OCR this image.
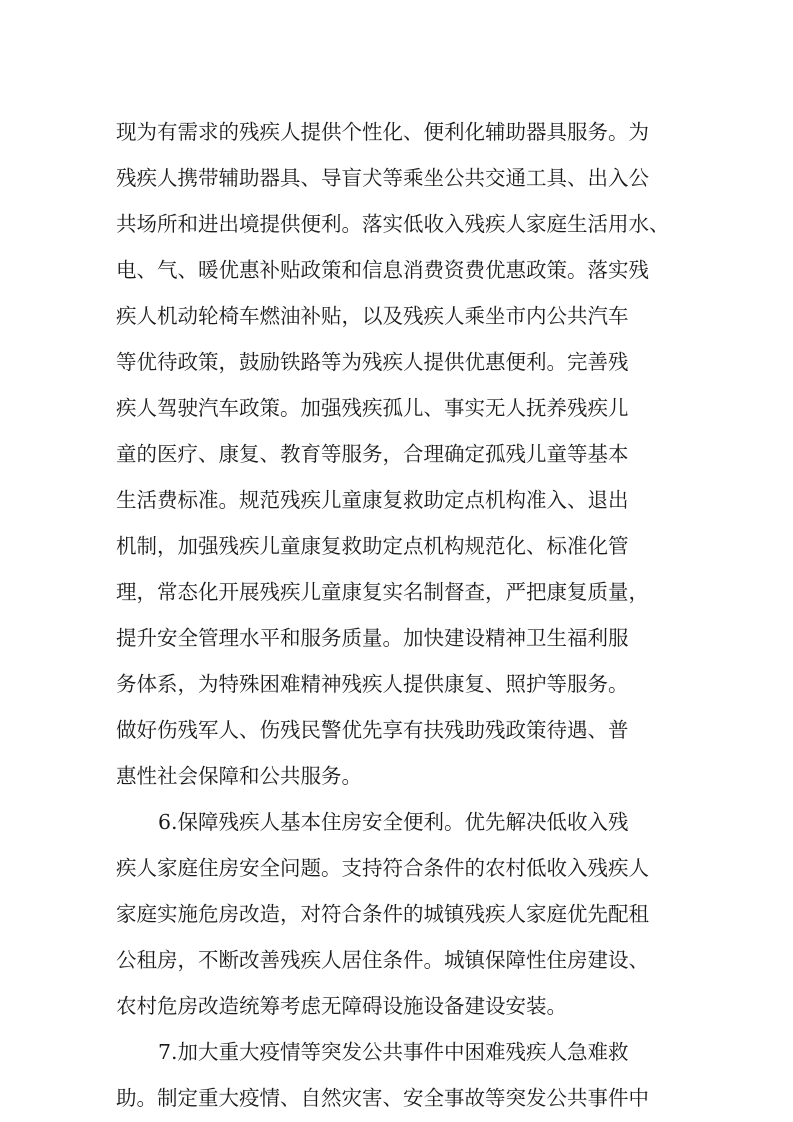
现为有需求的残疾人提供个性化、便利化辅助器具服务。为
残疾人携带辅助器具、导盲犬等乘坐公共交通工具、出入公
共场所和进出境提供便利。落实低收入残疾人家庭生活用水、
电、气、暖优惠补贴政策和信息消费资费优惠政策。落实残
疾人机动轮椅车燃油补贴，以及残疾人乘坐市内公共汽车
等优待政策，鼓励铁路等为残疾人提供优惠便利。完善残
疾人驾驶汽车政策。加强残疾孤儿、事实无人抚养残疾儿
童的医疗、康复、教育等服务，合理确定孤残儿童等基本
生活费标准。规范残疾儿童康复救助定点机构准入、退出
机制，加强残疾儿童康复救助定点机构规范化、标准化管
理，常态化开展残疾儿童康复实名制督查，严把康复质量，
提升安全管理水平和服务质量。加快建设精神卫生福利服
务体系，为特殊困难精神残疾人提供康复、照护等服务。
做好伤残军人、伤残民警优先享有扶残助残政策待遇、普
惠性社会保障和公共服务。
6.保障残疾人基本住房安全便利。优先解决低收入残
疾人家庭住房安全问题。支持符合条件的农村低收入残疾人
家庭实施危房改造，对符合条件的城镇残疾人家庭优先配租
公租房，不断改善残疾人居住条件。城镇保障性住房建设、
农村危房改造统筹考虑无障碍设施设备建设安装。
7.加大重大疫情等突发公共事件中困难残疾人急难救
助。制定重大疫情、自然灾害、安全事故等突发公共事件中
